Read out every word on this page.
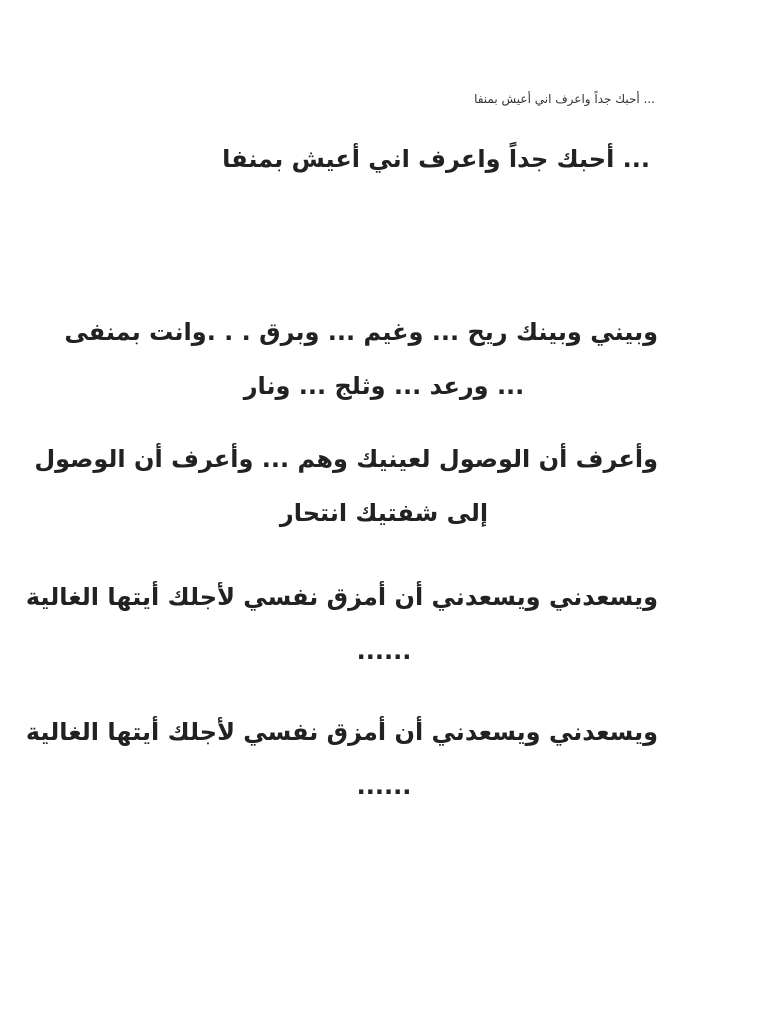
... أحبك جداً واعرف اني أعيش بمنفا
... أحبك جداً واعرف اني أعيش بمنفا
وبيني وبينك ريح ... وغيم ... وبرق . . .وانت بمنفى
... ورعد ... وثلج ... ونار
وأعرف أن الوصول لعينيك وهم ... وأعرف أن الوصول
إلى شفتيك انتحار
ويسعدني ويسعدني أن أمزق نفسي لأجلك أيتها الغالية
......
ويسعدني ويسعدني أن أمزق نفسي لأجلك أيتها الغالية
......
